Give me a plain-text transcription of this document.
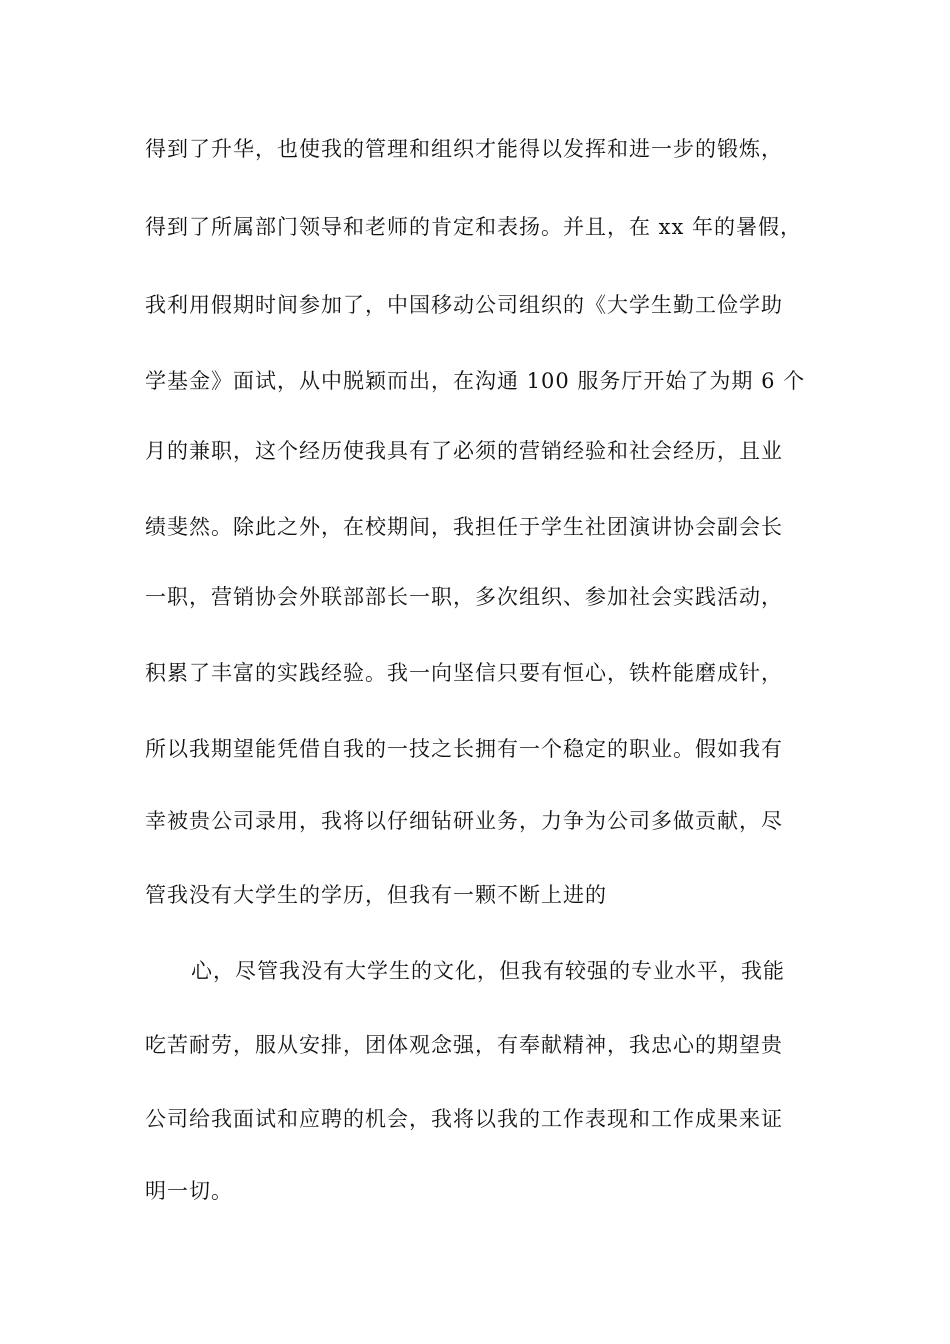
得到了升华，也使我的管理和组织才能得以发挥和进一步的锻炼，
得到了所属部门领导和老师的肯定和表扬。并且，在 xx 年的暑假，
我利用假期时间参加了，中国移动公司组织的《大学生勤工俭学助
学基金》面试，从中脱颖而出，在沟通 100 服务厅开始了为期 6 个
月的兼职，这个经历使我具有了必须的营销经验和社会经历，且业
绩斐然。除此之外，在校期间，我担任于学生社团演讲协会副会长
一职，营销协会外联部部长一职，多次组织、参加社会实践活动，
积累了丰富的实践经验。我一向坚信只要有恒心，铁杵能磨成针，
所以我期望能凭借自我的一技之长拥有一个稳定的职业。假如我有
幸被贵公司录用，我将以仔细钻研业务，力争为公司多做贡献，尽
管我没有大学生的学历，但我有一颗不断上进的
心，尽管我没有大学生的文化，但我有较强的专业水平，我能
吃苦耐劳，服从安排，团体观念强，有奉献精神，我忠心的期望贵
公司给我面试和应聘的机会，我将以我的工作表现和工作成果来证
明一切。
